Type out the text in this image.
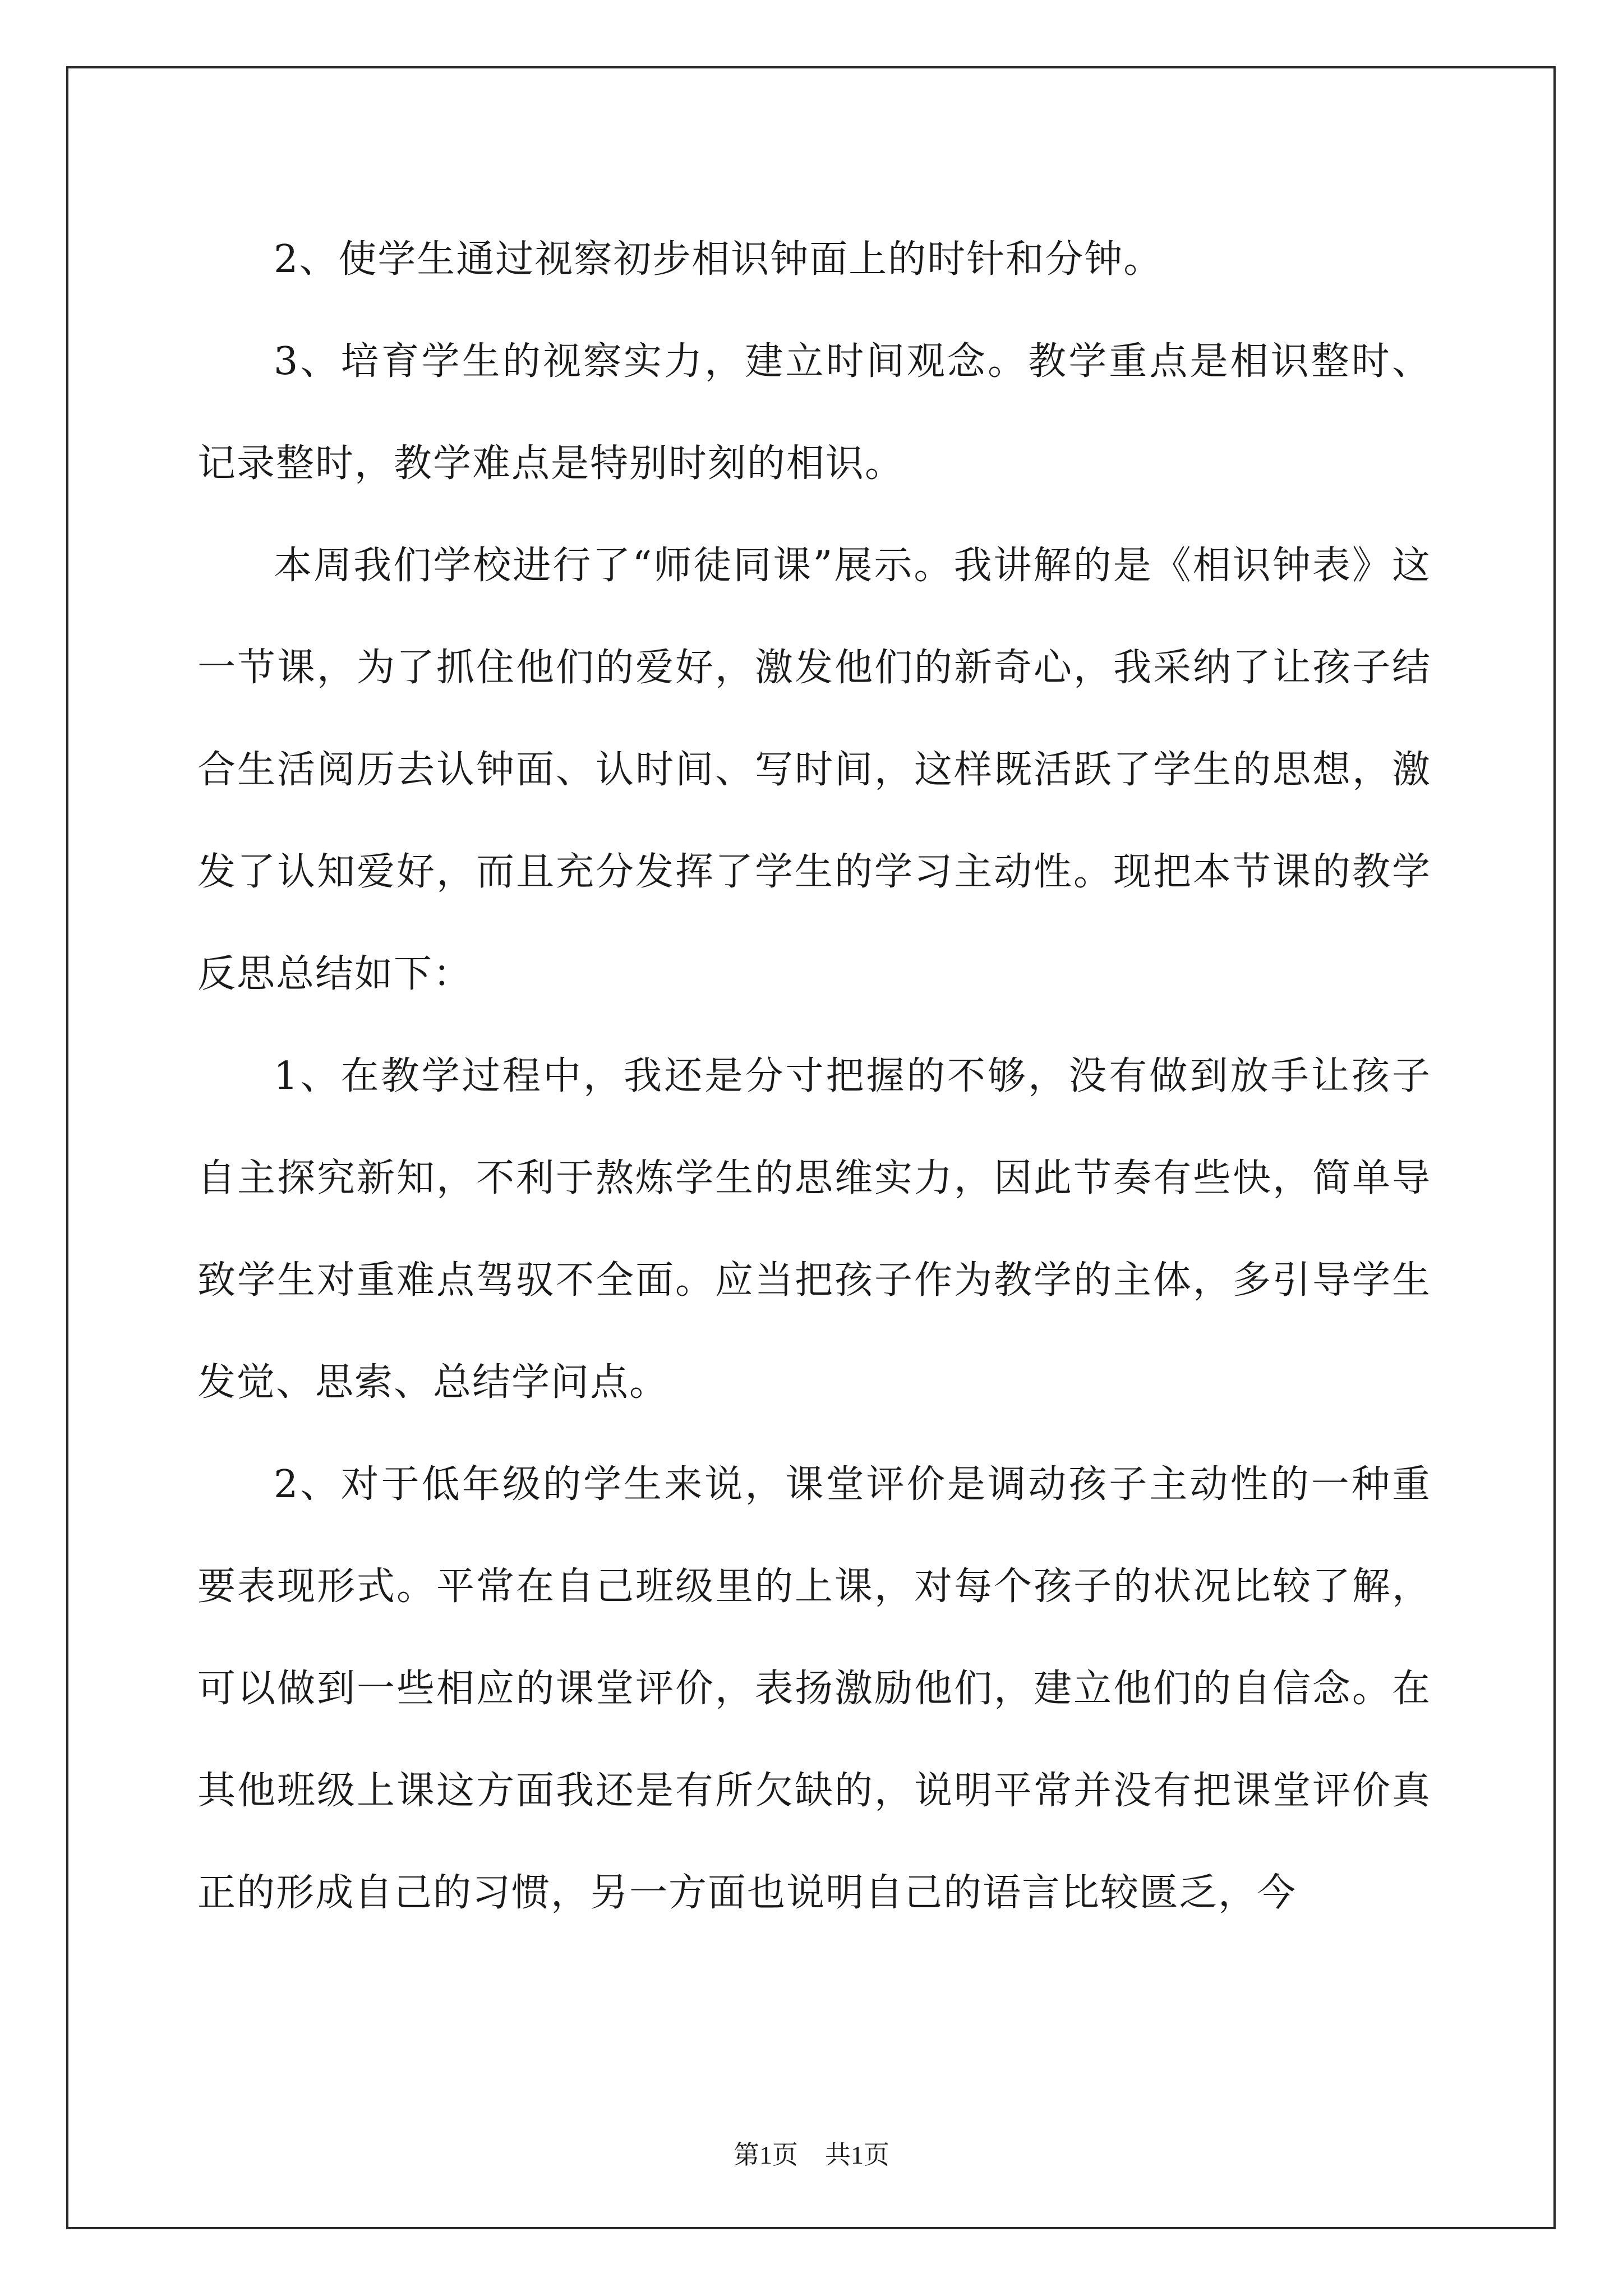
2、使学生通过视察初步相识钟面上的时针和分钟。

3、培育学生的视察实力，建立时间观念。教学重点是相识整时、记录整时，教学难点是特别时刻的相识。

本周我们学校进行了“师徒同课”展示。我讲解的是《相识钟表》这一节课，为了抓住他们的爱好，激发他们的新奇心，我采纳了让孩子结合生活阅历去认钟面、认时间、写时间，这样既活跃了学生的思想，激发了认知爱好，而且充分发挥了学生的学习主动性。现把本节课的教学反思总结如下：

1、在教学过程中，我还是分寸把握的不够，没有做到放手让孩子自主探究新知，不利于熬炼学生的思维实力，因此节奏有些快，简单导致学生对重难点驾驭不全面。应当把孩子作为教学的主体，多引导学生发觉、思索、总结学问点。

2、对于低年级的学生来说，课堂评价是调动孩子主动性的一种重要表现形式。平常在自己班级里的上课，对每个孩子的状况比较了解，可以做到一些相应的课堂评价，表扬激励他们，建立他们的自信念。在其他班级上课这方面我还是有所欠缺的，说明平常并没有把课堂评价真正的形成自己的习惯，另一方面也说明自己的语言比较匮乏，今

第1页 共1页
